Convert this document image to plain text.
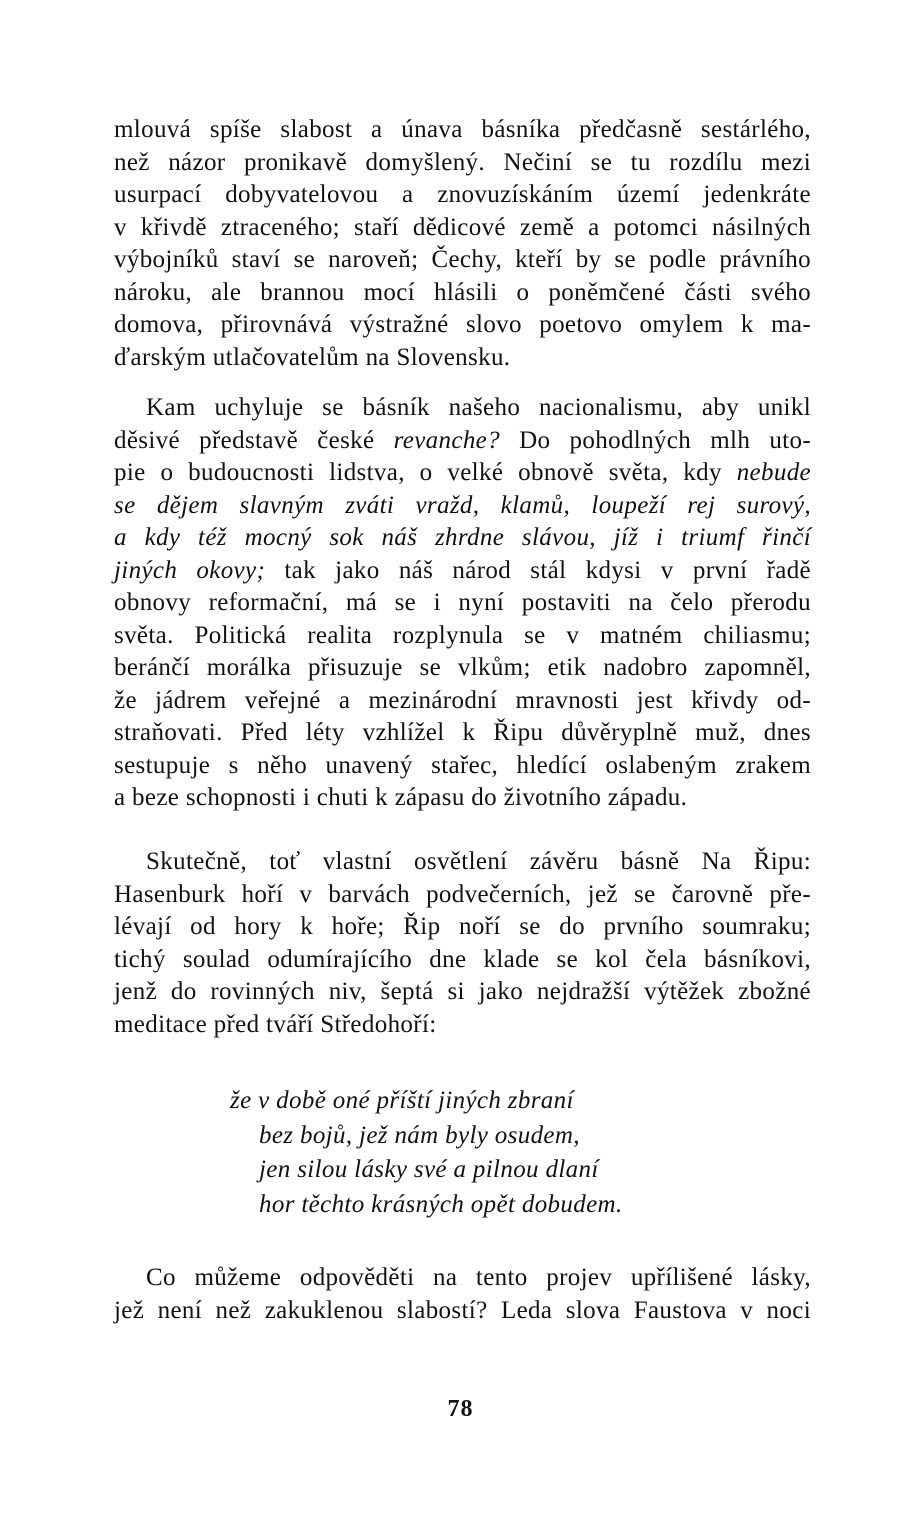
mlouvá spíše slabost a únava básníka předčasně sestárlého,
než názor pronikavě domyšlený. Nečiní se tu rozdílu mezi
usurpací dobyvatelovou a znovuzískáním území jedenkráte
v křivdě ztraceného; staří dědicové země a potomci násilných
výbojníků staví se naroveň; Čechy, kteří by se podle právního
nároku, ale brannou mocí hlásili o poněmčené části svého
domova, přirovnává výstražné slovo poetovo omylem k ma-
ďarským utlačovatelům na Slovensku.
Kam uchyluje se básník našeho nacionalismu, aby unikl
děsivé představě české revanche? Do pohodlných mlh uto-
pie o budoucnosti lidstva, o velké obnově světa, kdy nebude
se dějem slavným zváti vražd, klamů, loupeží rej surový,
a kdy též mocný sok náš zhrdne slávou, jíž i triumf řinčí
jiných okovy; tak jako náš národ stál kdysi v první řadě
obnovy reformační, má se i nyní postaviti na čelo přerodu
světa. Politická realita rozplynula se v matném chiliasmu;
beránčí morálka přisuzuje se vlkům; etik nadobro zapomněl,
že jádrem veřejné a mezinárodní mravnosti jest křivdy od-
straňovati. Před léty vzhlížel k Řipu důvěryplně muž, dnes
sestupuje s něho unavený stařec, hledící oslabeným zrakem
a beze schopnosti i chuti k zápasu do životního západu.
Skutečně, toť vlastní osvětlení závěru básně Na Řipu:
Hasenburk hoří v barvách podvečerních, jež se čarovně pře-
lévají od hory k hoře; Řip noří se do prvního soumraku;
tichý soulad odumírajícího dne klade se kol čela básníkovi,
jenž do rovinných niv, šeptá si jako nejdražší výtěžek zbožné
meditace před tváří Středohoří:
že v době oné příští jiných zbraní
bez bojů, jež nám byly osudem,
jen silou lásky své a pilnou dlaní
hor těchto krásných opět dobudem.
Co můžeme odpověděti na tento projev upřílišené lásky,
jež není než zakuklenou slabostí? Leda slova Faustova v noci
78
